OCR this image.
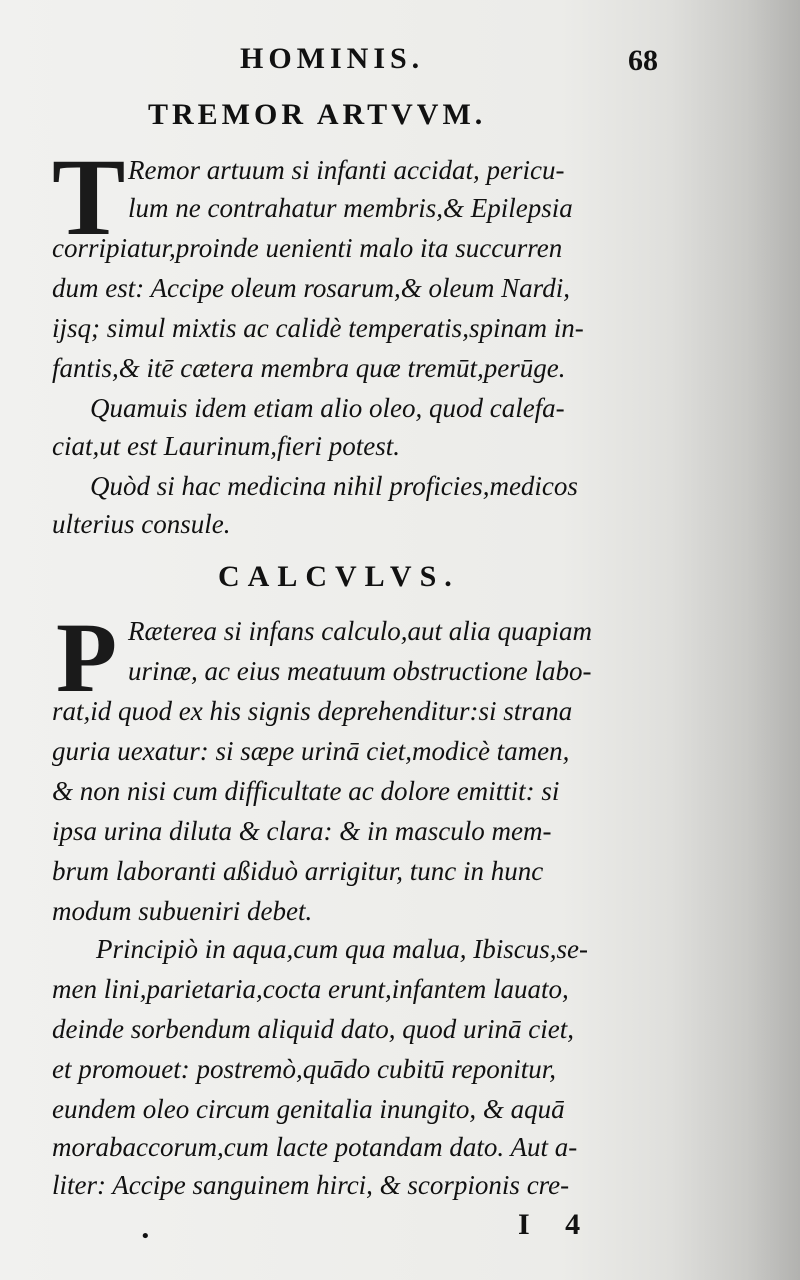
HOMINIS.	68
TREMOR ARTVVM.
T Remor artuum si infanti accidat, pericu-
lum ne contrahatur membris,& Epilepsia
corripiatur,proinde uenienti malo ita succurren
dum est: Accipe oleum rosarum,& oleum Nardi,
ijsq; simul mixtis ac calidè temperatis,spinam in-
fantis,& itē cætera membra quæ tremūt,perūge.
Quamuis idem etiam alio oleo, quod calefa-
ciat,ut est Laurinum,fieri potest.
Quòd si hac medicina nihil proficies,medicos
ulterius consule.
CALCVLVS.
P Ræterea si infans calculo,aut alia quapiam
urinæ, ac eius meatuum obstructione labo-
rat,id quod ex his signis deprehenditur:si strana
guria uexatur: si sæpe urinā ciet,modicè tamen,
& non nisi cum difficultate ac dolore emittit: si
ipsa urina diluta & clara: & in masculo mem-
brum laboranti aßiduò arrigitur, tunc in hunc
modum subueniri debet.
Principiò in aqua,cum qua malua, Ibiscus,se-
men lini,parietaria,cocta erunt,infantem lauato,
deinde sorbendum aliquid dato, quod urinā ciet,
et promouet: postremò,quādo cubitū reponitur,
eundem oleo circum genitalia inungito, & aquā
morabaccorum,cum lacte potandam dato. Aut a-
liter: Accipe sanguinem hirci, & scorpionis cre-
I 4
•
